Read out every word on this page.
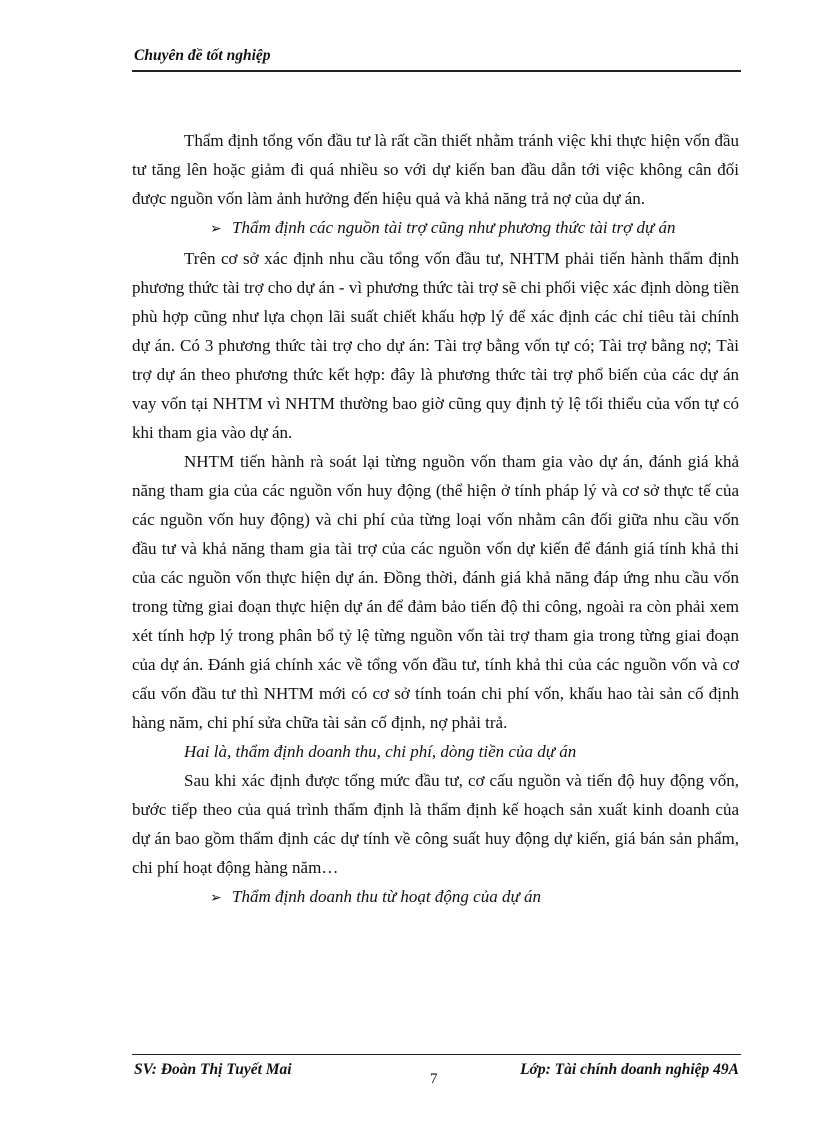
Chuyên đề tốt nghiệp

Thẩm định tổng vốn đầu tư là rất cần thiết nhằm tránh việc khi thực hiện vốn đầu tư tăng lên hoặc giảm đi quá nhiều so với dự kiến ban đầu dẫn tới việc không cân đối được nguồn vốn làm ảnh hưởng đến hiệu quả và khả năng trả nợ của dự án.

➢ Thẩm định các nguồn tài trợ cũng như phương thức tài trợ dự án

Trên cơ sở xác định nhu cầu tổng vốn đầu tư, NHTM phải tiến hành thẩm định phương thức tài trợ cho dự án - vì phương thức tài trợ sẽ chi phối việc xác định dòng tiền phù hợp cũng như lựa chọn lãi suất chiết khấu hợp lý để xác định các chỉ tiêu tài chính dự án. Có 3 phương thức tài trợ cho dự án: Tài trợ bằng vốn tự có; Tài trợ bằng nợ; Tài trợ dự án theo phương thức kết hợp: đây là phương thức tài trợ phổ biến của các dự án vay vốn tại NHTM vì NHTM thường bao giờ cũng quy định tỷ lệ tối thiểu của vốn tự có khi tham gia vào dự án.

NHTM tiến hành rà soát lại từng nguồn vốn tham gia vào dự án, đánh giá khả năng tham gia của các nguồn vốn huy động (thể hiện ở tính pháp lý và cơ sở thực tế của các nguồn vốn huy động) và chi phí của từng loại vốn nhằm cân đối giữa nhu cầu vốn đầu tư và khả năng tham gia tài trợ của các nguồn vốn dự kiến để đánh giá tính khả thi của các nguồn vốn thực hiện dự án. Đồng thời, đánh giá khả năng đáp ứng nhu cầu vốn trong từng giai đoạn thực hiện dự án để đảm bảo tiến độ thi công, ngoài ra còn phải xem xét tính hợp lý trong phân bổ tỷ lệ từng nguồn vốn tài trợ tham gia trong từng giai đoạn của dự án. Đánh giá chính xác về tổng vốn đầu tư, tính khả thi của các nguồn vốn và cơ cấu vốn đầu tư thì NHTM mới có cơ sở tính toán chi phí vốn, khấu hao tài sản cố định hàng năm, chi phí sửa chữa tài sản cố định, nợ phải trả.

Hai là, thẩm định doanh thu, chi phí, dòng tiền của dự án

Sau khi xác định được tổng mức đầu tư, cơ cấu nguồn và tiến độ huy động vốn, bước tiếp theo của quá trình thẩm định là thẩm định kế hoạch sản xuất kinh doanh của dự án bao gồm thẩm định các dự tính về công suất huy động dự kiến, giá bán sản phẩm, chi phí hoạt động hàng năm…

➢ Thẩm định doanh thu từ hoạt động của dự án

SV: Đoàn Thị Tuyết Mai
7
Lớp: Tài chính doanh nghiệp 49A
